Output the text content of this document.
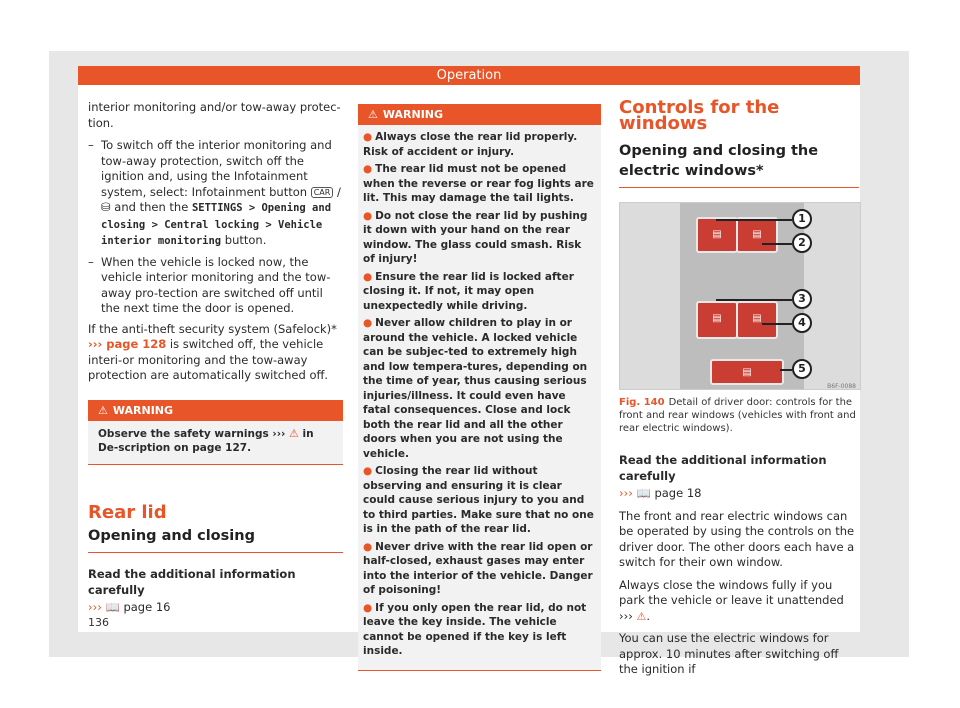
Operation

interior monitoring and/or tow-away protec-tion.

– To switch off the interior monitoring and tow-away protection, switch off the ignition and, using the Infotainment system, select: Infotainment button CAR / ⛁ and then the SETTINGS > Opening and closing > Central locking > Vehicle interior monitoring button.
– When the vehicle is locked now, the vehicle interior monitoring and the tow-away pro-tection are switched off until the next time the door is opened.

If the anti-theft security system (Safelock)* ››› page 128 is switched off, the vehicle interi-or monitoring and the tow-away protection are automatically switched off.

⚠ WARNING
Observe the safety warnings ››› ⚠ in De-scription on page 127.
Rear lid
Opening and closing

Read the additional information carefully

››› 📖 page 16

⚠ WARNING
● Always close the rear lid properly. Risk of accident or injury.
● The rear lid must not be opened when the reverse or rear fog lights are lit. This may damage the tail lights.
● Do not close the rear lid by pushing it down with your hand on the rear window. The glass could smash. Risk of injury!
● Ensure the rear lid is locked after closing it. If not, it may open unexpectedly while driving.
● Never allow children to play in or around the vehicle. A locked vehicle can be subjec-ted to extremely high and low tempera-tures, depending on the time of year, thus causing serious injuries/illness. It could even have fatal consequences. Close and lock both the rear lid and all the other doors when you are not using the vehicle.
● Closing the rear lid without observing and ensuring it is clear could cause serious injury to you and to third parties. Make sure that no one is in the path of the rear lid.
● Never drive with the rear lid open or half-closed, exhaust gases may enter into the interior of the vehicle. Danger of poisoning!
● If you only open the rear lid, do not leave the key inside. The vehicle cannot be opened if the key is left inside.
Controls for the windows
Opening and closing the electric windows*
▤	▤
▤	▤
▤
1
2
3
4
5
B6F-0088
Fig. 140 Detail of driver door: controls for the front and rear windows (vehicles with front and rear electric windows).

Read the additional information carefully

››› 📖 page 18

The front and rear electric windows can be operated by using the controls on the driver door. The other doors each have a switch for their own window.

Always close the windows fully if you park the vehicle or leave it unattended ››› ⚠.

You can use the electric windows for approx. 10 minutes after switching off the ignition if

136
